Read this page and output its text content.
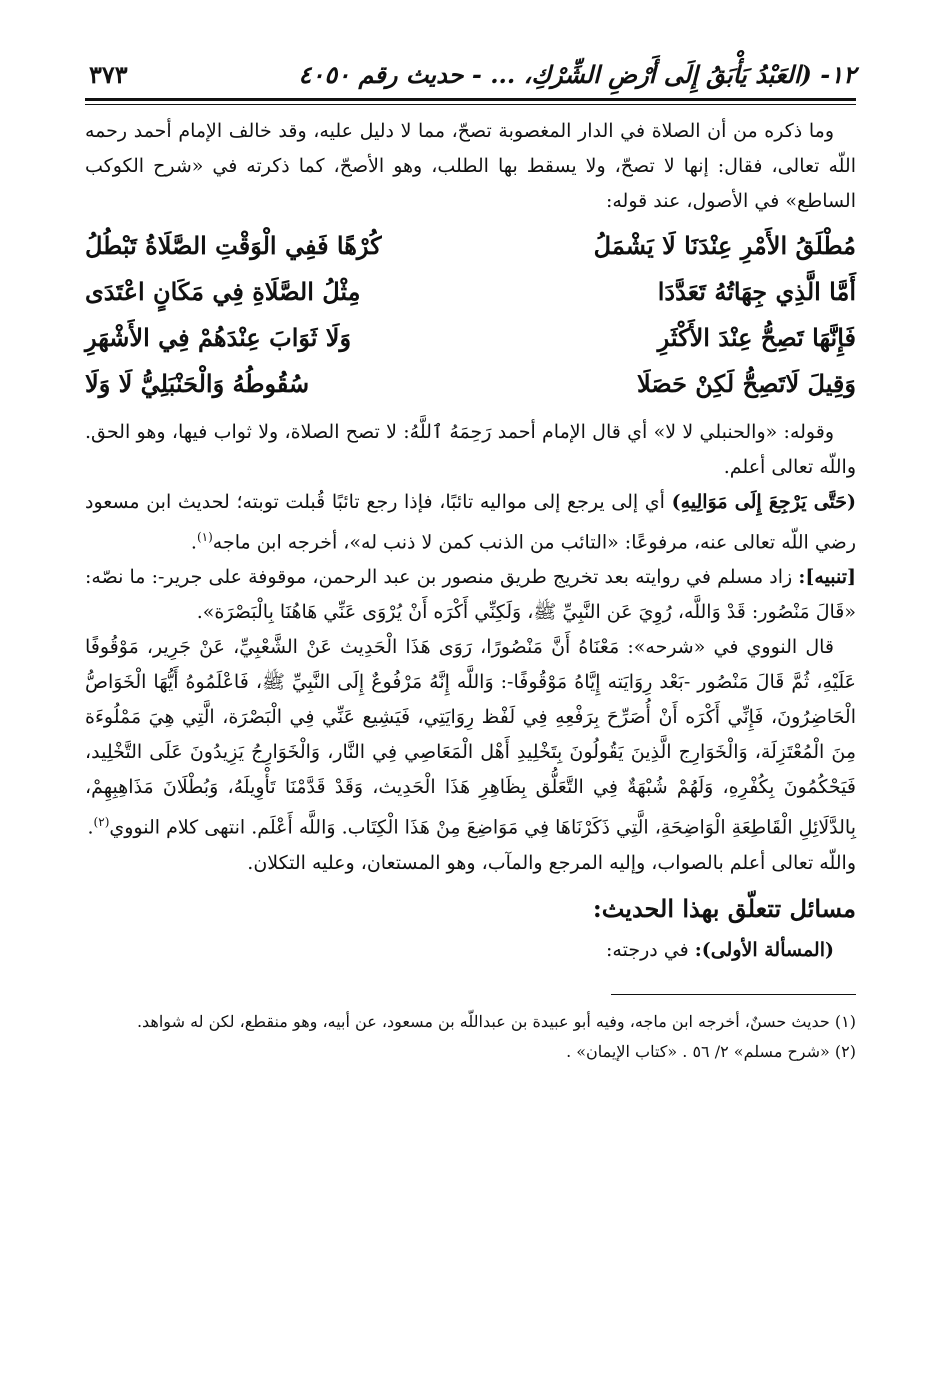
١٢- (العَبْدُ يَأْبَقُ إِلَى أَرْضِ الشِّرْكِ، ... - حديث رقم ٤٠٥٠
٣٧٣

وما ذكره من أن الصلاة في الدار المغصوبة تصحّ، مما لا دليل عليه، وقد خالف الإمام أحمد رحمه اللّه تعالى، فقال: إنها لا تصحّ، ولا يسقط بها الطلب، وهو الأصحّ، كما ذكرته في «شرح الكوكب الساطع» في الأصول، عند قوله:

مُطْلَقُ الأَمْرِ عِنْدَنَا لَا يَشْمَلُ
كُرْهًا فَفِي الْوَقْتِ الصَّلَاةُ تَبْطُلُ
أَمَّا الَّذِي جِهَاتُهُ تَعَدَّدَا
مِثْلُ الصَّلَاةِ فِي مَكَانٍ اعْتَدَى
فَإِنَّهَا تَصِحُّ عِنْدَ الأَكْثَرِ
وَلَا ثَوَابَ عِنْدَهُمْ فِي الأَشْهَرِ
وَقِيلَ لَاتَصِحُّ لَكِنْ حَصَلَا
سُقُوطُهُ وَالْحَنْبَلِيُّ لَا وَلَا

وقوله: «والحنبلي لا لا» أي قال الإمام أحمد رَحِمَهُ ٱللَّهُ: لا تصح الصلاة، ولا ثواب فيها، وهو الحق. واللّه تعالى أعلم.

(حَتَّى يَرْجِعَ إِلَى مَوَالِيهِ) أي إلى يرجع إلى مواليه تائبًا، فإذا رجع تائبًا قُبلت توبته؛ لحديث ابن مسعود رضي اللّه تعالى عنه، مرفوعًا: «التائب من الذنب كمن لا ذنب له»، أخرجه ابن ماجه$^{(١)}$.

[تنبيه]: زاد مسلم في روايته بعد تخريج طريق منصور بن عبد الرحمن، موقوفة على جرير-: ما نصّه: «قَالَ مَنْصُور: قَدْ وَاللَّه، رُوِيَ عَن النَّبِيِّ ﷺ، وَلَكِنِّي أَكْرَه أَنْ يُرْوَى عَنِّي هَاهُنَا بِالْبَصْرَة».

قال النووي في «شرحه»: مَعْنَاهُ أَنَّ مَنْصُورًا، رَوَى هَذَا الْحَدِيث عَنْ الشَّعْبِيِّ، عَنْ جَرِير، مَوْقُوفًا عَلَيْهِ، ثُمَّ قَالَ مَنْصُور -بَعْد رِوَايَته إِيَّاهُ مَوْقُوفًا-: وَاللَّه إِنَّهُ مَرْفُوعٌ إِلَى النَّبِيِّ ﷺ، فَاعْلَمُوهُ أَيُّهَا الْخَوَاصُّ الْحَاضِرُونَ، فَإِنِّي أَكْرَه أَنْ أُصَرِّحَ بِرَفْعِهِ فِي لَفْظ رِوَايَتِي، فَيَشِيع عَنِّي فِي الْبَصْرَة، الَّتِي هِيَ مَمْلُوءَة مِنَ الْمُعْتَزِلَة، وَالْخَوَارِج الَّذِينَ يَقُولُونَ بِتَخْلِيدِ أَهْل الْمَعَاصِي فِي النَّار، وَالْخَوَارِجُ يَزِيدُونَ عَلَى التَّخْلِيد، فَيَحْكُمُونَ بِكُفْرِهِ، وَلَهُمْ شُبْهَةٌ فِي التَّعَلُّق بِظَاهِرِ هَذَا الْحَدِيث، وَقَدْ قَدَّمْنَا تَأْوِيلَهُ، وَبُطْلَانَ مَذَاهِبِهِمْ، بِالدَّلَائِلِ الْقَاطِعَةِ الْوَاضِحَةِ، الَّتِي ذَكَرْنَاهَا فِي مَوَاضِعَ مِنْ هَذَا الْكِتَاب. وَاللَّه أَعْلَم. انتهى كلام النووي$^{(٢)}$.

واللّه تعالى أعلم بالصواب، وإليه المرجع والمآب، وهو المستعان، وعليه التكلان.

مسائل تتعلّق بهذا الحديث:

(المسألة الأولى): في درجته:

(١) حديث حسنٌ، أخرجه ابن ماجه، وفيه أبو عبيدة بن عبداللّه بن مسعود، عن أبيه، وهو منقطع، لكن له شواهد.

(٢) «شرح مسلم» ٢/ ٥٦ . «كتاب الإيمان» .
